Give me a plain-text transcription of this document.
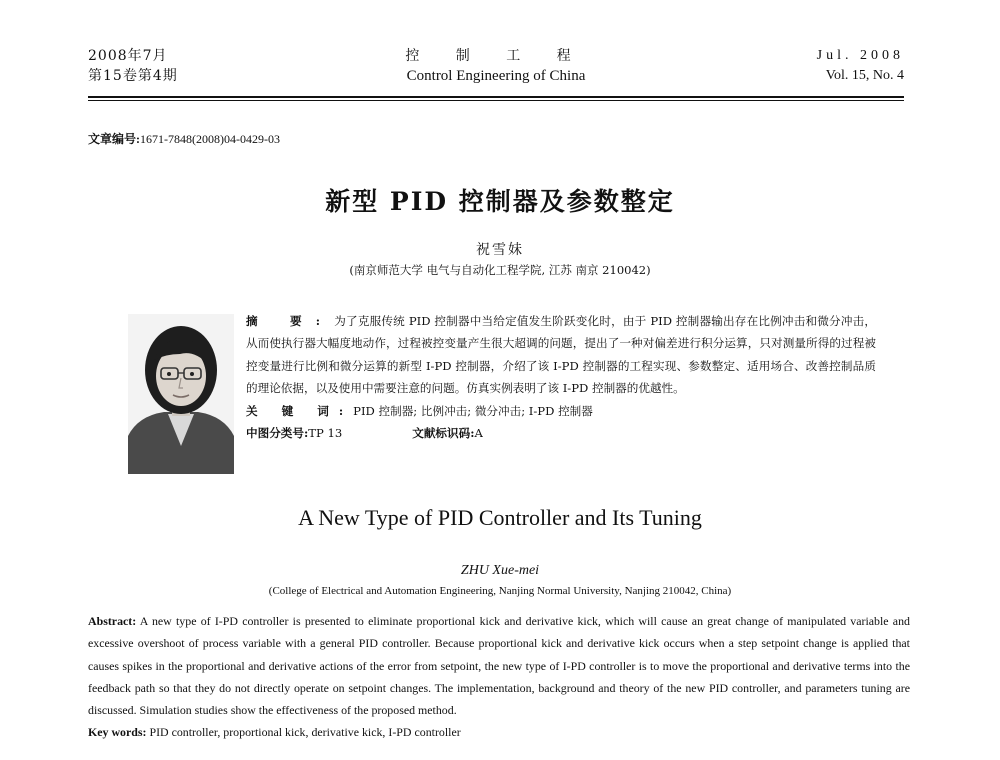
2008年7月
第15卷第4期
控 制 工 程
Control Engineering of China
Jul. 2008
Vol. 15, No. 4
文章编号:1671-7848(2008)04-0429-03
新型 PID 控制器及参数整定
祝雪妹
(南京师范大学 电气与自动化工程学院, 江苏 南京 210042)

摘 要:为了克服传统 PID 控制器中当给定值发生阶跃变化时，由于 PID 控制器输出存在比例冲击和微分冲击，从而使执行器大幅度地动作，过程被控变量产生很大超调的问题，提出了一种对偏差进行积分运算，只对测量所得的过程被控变量进行比例和微分运算的新型 I-PD 控制器，介绍了该 I-PD 控制器的工程实现、参数整定、适用场合、改善控制品质的理论依据，以及使用中需要注意的问题。仿真实例表明了该 I-PD 控制器的优越性。

关 键 词:PID 控制器; 比例冲击; 微分冲击; I-PD 控制器

中图分类号:TP 13	文献标识码:A

A New Type of PID Controller and Its Tuning
ZHU Xue-mei
(College of Electrical and Automation Engineering, Nanjing Normal University, Nanjing 210042, China)

Abstract: A new type of I-PD controller is presented to eliminate proportional kick and derivative kick, which will cause an great change of manipulated variable and excessive overshoot of process variable with a general PID controller. Because proportional kick and derivative kick occurs when a step setpoint change is applied that causes spikes in the proportional and derivative actions of the error from setpoint, the new type of I-PD controller is to move the proportional and derivative terms into the feedback path so that they do not directly operate on setpoint changes. The implementation, background and theory of the new PID controller, and parameters tuning are discussed. Simulation studies show the effectiveness of the proposed method.

Key words: PID controller, proportional kick, derivative kick, I-PD controller
